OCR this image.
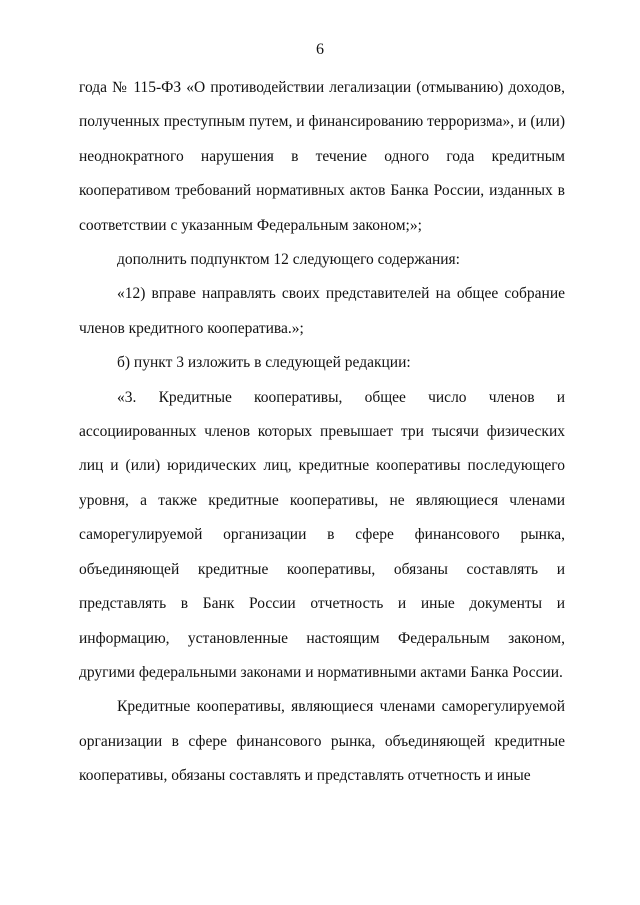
6

года № 115-ФЗ «О противодействии легализации (отмыванию) доходов, полученных преступным путем, и финансированию терроризма», и (или) неоднократного нарушения в течение одного года кредитным кооперативом требований нормативных актов Банка России, изданных в соответствии с указанным Федеральным законом;»;

дополнить подпунктом 12 следующего содержания:

«12) вправе направлять своих представителей на общее собрание членов кредитного кооператива.»;

б) пункт 3 изложить в следующей редакции:

«3. Кредитные кооперативы, общее число членов и ассоциированных членов которых превышает три тысячи физических лиц и (или) юридических лиц, кредитные кооперативы последующего уровня, а также кредитные кооперативы, не являющиеся членами саморегулируемой организации в сфере финансового рынка, объединяющей кредитные кооперативы, обязаны составлять и представлять в Банк России отчетность и иные документы и информацию, установленные настоящим Федеральным законом, другими федеральными законами и нормативными актами Банка России.

Кредитные кооперативы, являющиеся членами саморегулируемой организации в сфере финансового рынка, объединяющей кредитные кооперативы, обязаны составлять и представлять отчетность и иные
